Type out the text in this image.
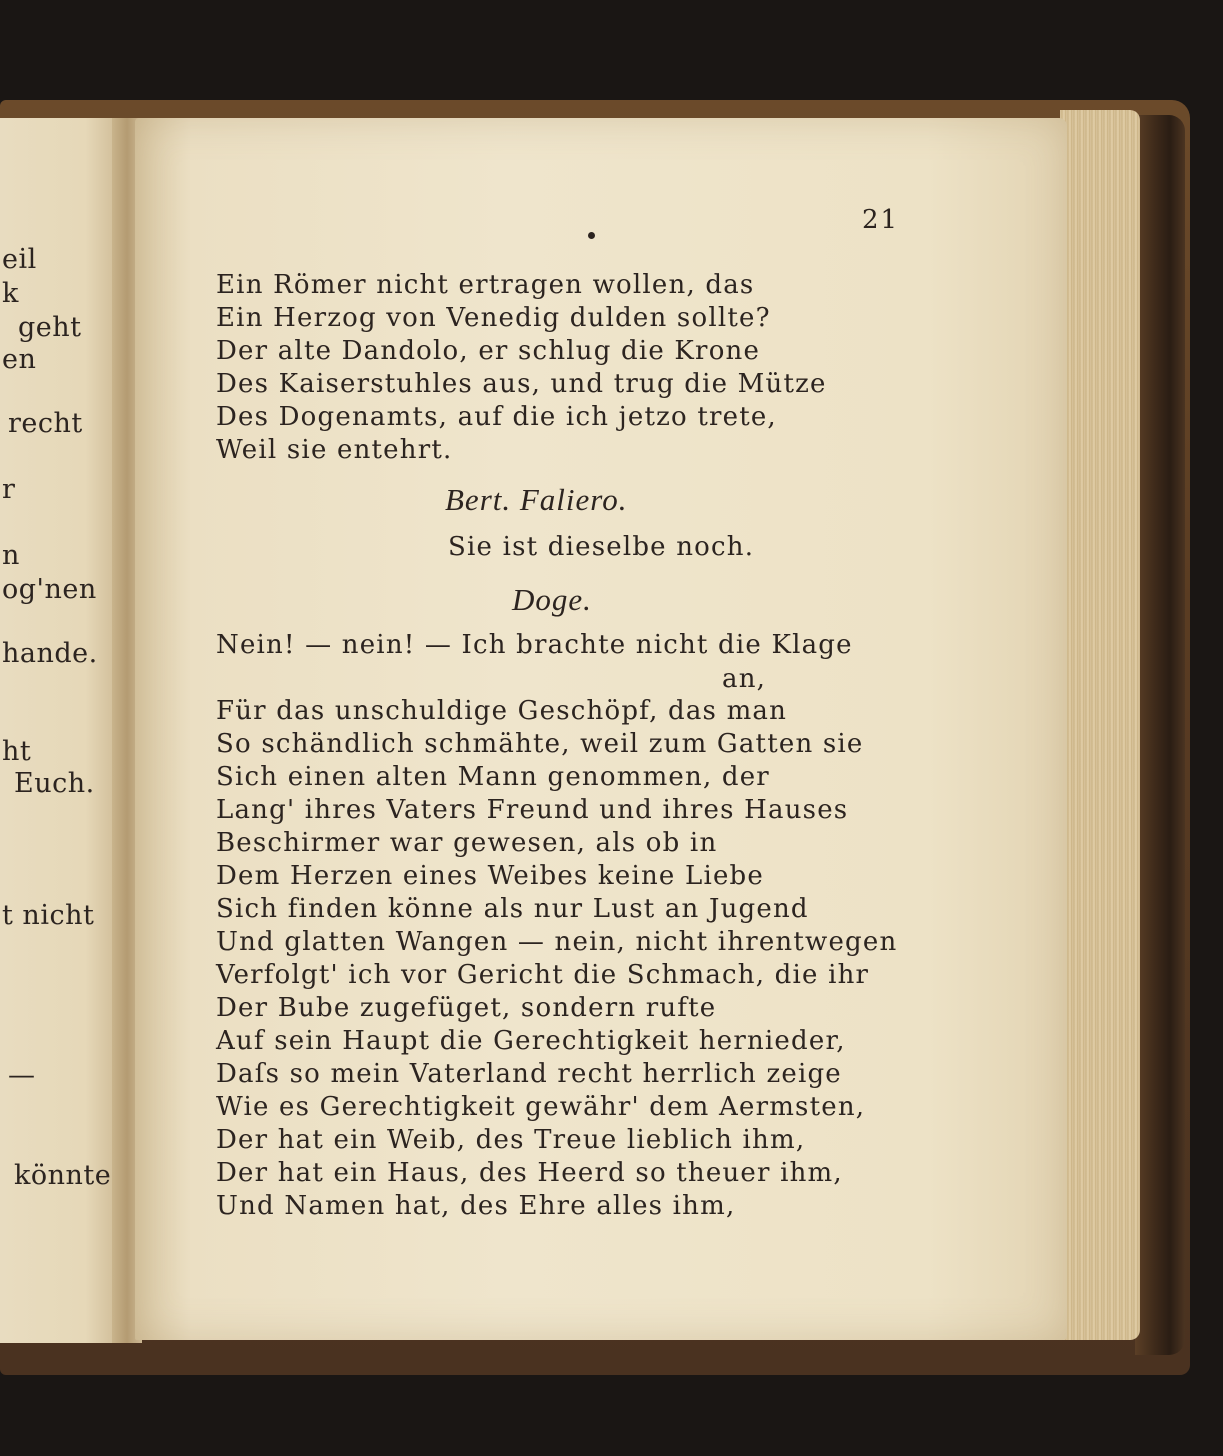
eil
k
geht
en
recht
r
n
og'nen
hande.
ht
Euch.
t nicht
—
könnte
21
Ein Römer nicht ertragen wollen, das
Ein Herzog von Venedig dulden sollte?
Der alte Dandolo, er schlug die Krone
Des Kaiserstuhles aus, und trug die Mütze
Des Dogenamts, auf die ich jetzo trete,
Weil sie entehrt.
Bert. Faliero.
Sie ist dieselbe noch.
Doge.
Nein! — nein! — Ich brachte nicht die Klage
an,
Für das unschuldige Geschöpf, das man
So schändlich schmähte, weil zum Gatten sie
Sich einen alten Mann genommen, der
Lang' ihres Vaters Freund und ihres Hauses
Beschirmer war gewesen, als ob in
Dem Herzen eines Weibes keine Liebe
Sich finden könne als nur Lust an Jugend
Und glatten Wangen — nein, nicht ihrentwegen
Verfolgt' ich vor Gericht die Schmach, die ihr
Der Bube zugefüget, sondern rufte
Auf sein Haupt die Gerechtigkeit hernieder,
Daſs so mein Vaterland recht herrlich zeige
Wie es Gerechtigkeit gewähr' dem Aermsten,
Der hat ein Weib, des Treue lieblich ihm,
Der hat ein Haus, des Heerd so theuer ihm,
Und Namen hat, des Ehre alles ihm,
